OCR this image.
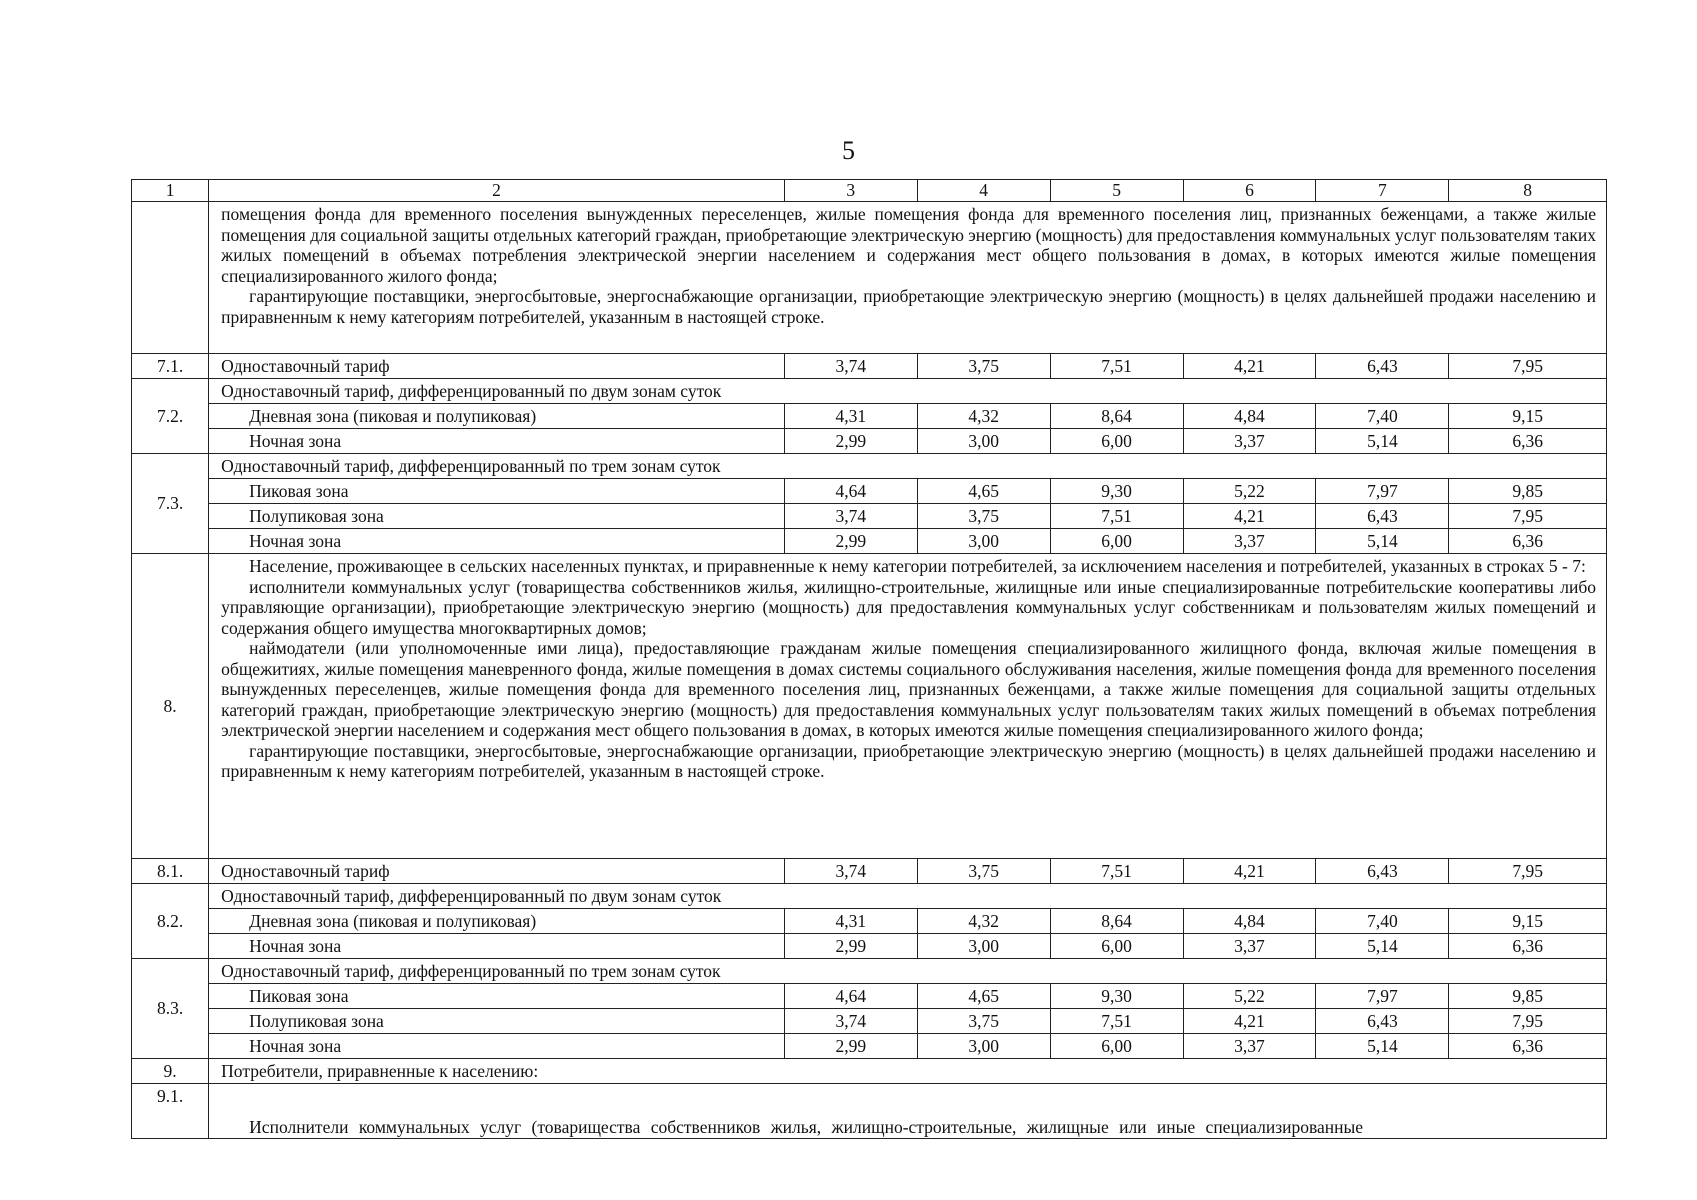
5
1	2	3	4	5	6	7	8

	помещения фонда для временного поселения вынужденных переселенцев, жилые помещения фонда для временного поселения лиц, признанных беженцами, а также жилые помещения для социальной защиты отдельных категорий граждан, приобретающие электрическую энергию (мощность) для предоставления коммунальных услуг пользователям таких жилых помещений в объемах потребления электрической энергии населением и содержания мест общего пользования в домах, в которых имеются жилые помещения специализированного жилого фонда;

гарантирующие поставщики, энергосбытовые, энергоснабжающие организации, приобретающие электрическую энергию (мощность) в целях дальнейшей продажи населению и приравненным к нему категориям потребителей, указанным в настоящей строке.						

7.1.	Одноставочный тариф	3,74	3,75	7,51	4,21	6,43	7,95
7.2.	Одноставочный тариф, дифференцированный по двум зонам суток						
	Дневная зона (пиковая и полупиковая)	4,31	4,32	8,64	4,84	7,40	9,15
	Ночная зона	2,99	3,00	6,00	3,37	5,14	6,36
7.3.	Одноставочный тариф, дифференцированный по трем зонам суток						
	Пиковая зона	4,64	4,65	9,30	5,22	7,97	9,85
	Полупиковая зона	3,74	3,75	7,51	4,21	6,43	7,95
	Ночная зона	2,99	3,00	6,00	3,37	5,14	6,36
8.	Население, проживающее в сельских населенных пунктах, и приравненные к нему категории потребителей, за исключением населения и потребителей, указанных в строках 5 - 7:

исполнители коммунальных услуг (товарищества собственников жилья, жилищно-строительные, жилищные или иные специализированные потребительские кооперативы либо управляющие организации), приобретающие электрическую энергию (мощность) для предоставления коммунальных услуг собственникам и пользователям жилых помещений и содержания общего имущества многоквартирных домов;

наймодатели (или уполномоченные ими лица), предоставляющие гражданам жилые помещения специализированного жилищного фонда, включая жилые помещения в общежитиях, жилые помещения маневренного фонда, жилые помещения в домах системы социального обслуживания населения, жилые помещения фонда для временного поселения вынужденных переселенцев, жилые помещения фонда для временного поселения лиц, признанных беженцами, а также жилые помещения для социальной защиты отдельных категорий граждан, приобретающие электрическую энергию (мощность) для предоставления коммунальных услуг пользователям таких жилых помещений в объемах потребления электрической энергии населением и содержания мест общего пользования в домах, в которых имеются жилые помещения специализированного жилого фонда;

гарантирующие поставщики, энергосбытовые, энергоснабжающие организации, приобретающие электрическую энергию (мощность) в целях дальнейшей продажи населению и приравненным к нему категориям потребителей, указанным в настоящей строке.						

8.1.	Одноставочный тариф	3,74	3,75	7,51	4,21	6,43	7,95
8.2.	Одноставочный тариф, дифференцированный по двум зонам суток						
	Дневная зона (пиковая и полупиковая)	4,31	4,32	8,64	4,84	7,40	9,15
	Ночная зона	2,99	3,00	6,00	3,37	5,14	6,36
8.3.	Одноставочный тариф, дифференцированный по трем зонам суток						
	Пиковая зона	4,64	4,65	9,30	5,22	7,97	9,85
	Полупиковая зона	3,74	3,75	7,51	4,21	6,43	7,95
	Ночная зона	2,99	3,00	6,00	3,37	5,14	6,36
9.	Потребители, приравненные к населению:						
9.1.	Исполнители коммунальных услуг (товарищества собственников жилья, жилищно-строительные, жилищные или иные специализированные						
